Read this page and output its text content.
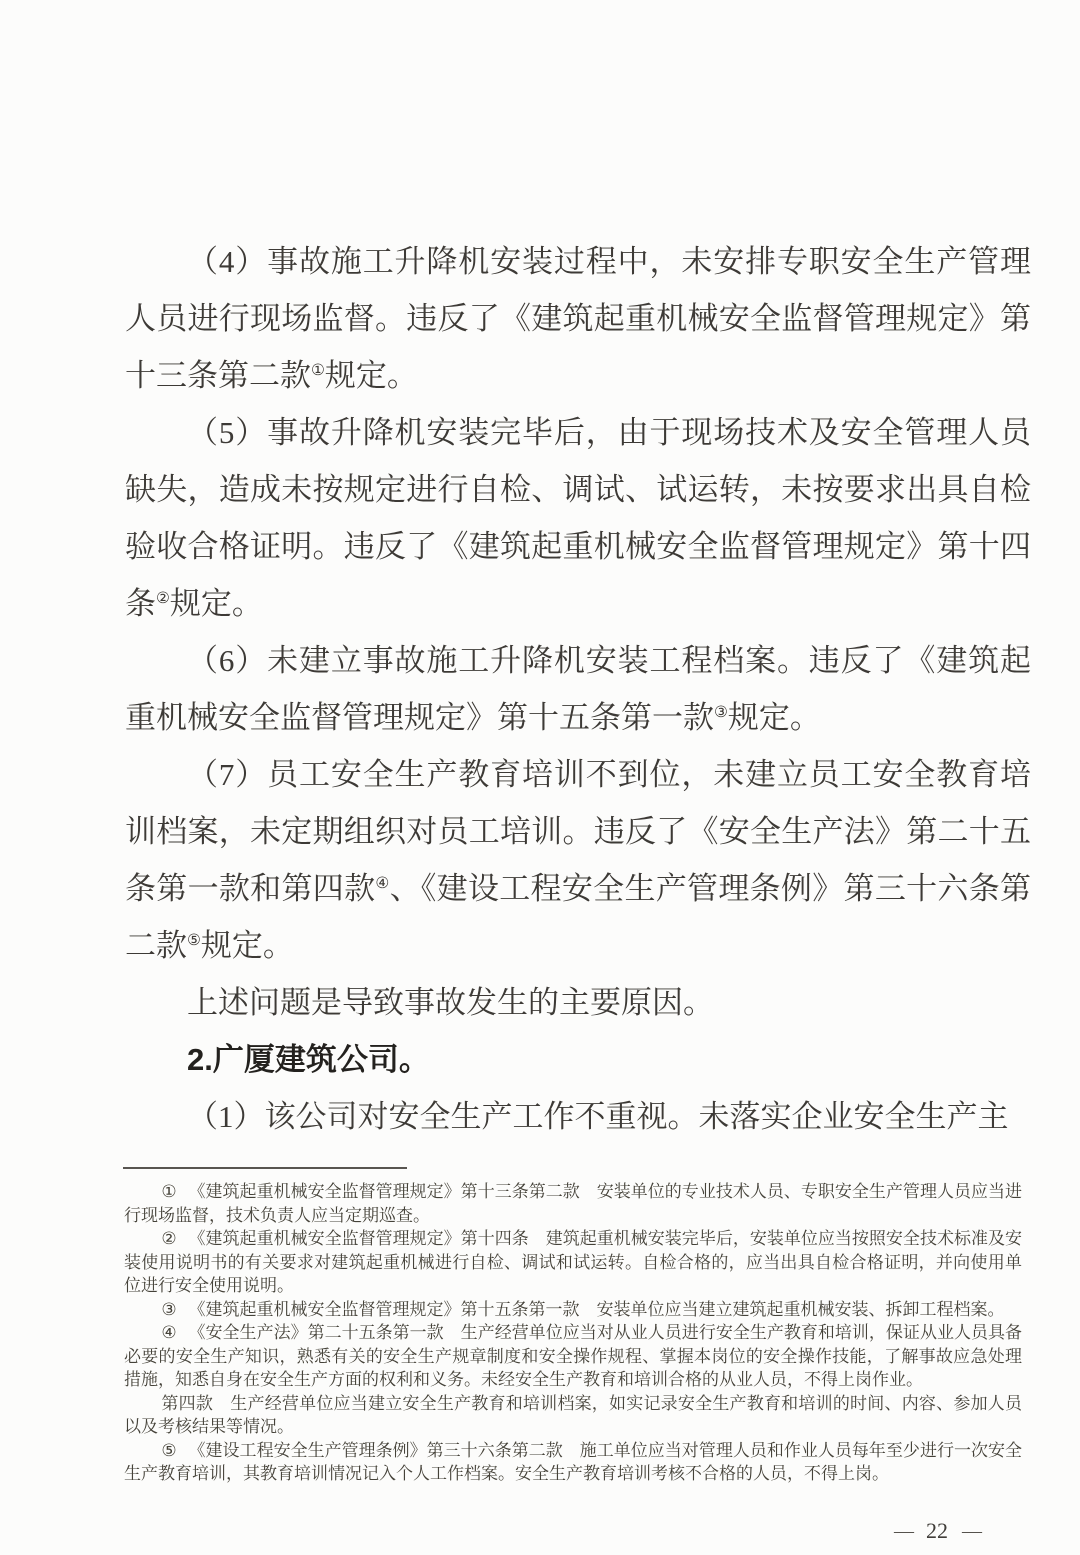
（4）事故施工升降机安装过程中，未安排专职安全生产管理人员进行现场监督。违反了《建筑起重机械安全监督管理规定》第十三条第二款①规定。

（5）事故升降机安装完毕后，由于现场技术及安全管理人员缺失，造成未按规定进行自检、调试、试运转，未按要求出具自检验收合格证明。违反了《建筑起重机械安全监督管理规定》第十四条②规定。

（6）未建立事故施工升降机安装工程档案。违反了《建筑起重机械安全监督管理规定》第十五条第一款③规定。

（7）员工安全生产教育培训不到位，未建立员工安全教育培训档案，未定期组织对员工培训。违反了《安全生产法》第二十五条第一款和第四款④、《建设工程安全生产管理条例》第三十六条第二款⑤规定。

上述问题是导致事故发生的主要原因。

2.广厦建筑公司。

（1）该公司对安全生产工作不重视。未落实企业安全生产主

① 《建筑起重机械安全监督管理规定》第十三条第二款　安装单位的专业技术人员、专职安全生产管理人员应当进行现场监督，技术负责人应当定期巡查。

② 《建筑起重机械安全监督管理规定》第十四条　建筑起重机械安装完毕后，安装单位应当按照安全技术标准及安装使用说明书的有关要求对建筑起重机械进行自检、调试和试运转。自检合格的，应当出具自检合格证明，并向使用单位进行安全使用说明。

③ 《建筑起重机械安全监督管理规定》第十五条第一款　安装单位应当建立建筑起重机械安装、拆卸工程档案。

④ 《安全生产法》第二十五条第一款　生产经营单位应当对从业人员进行安全生产教育和培训，保证从业人员具备必要的安全生产知识，熟悉有关的安全生产规章制度和安全操作规程、掌握本岗位的安全操作技能，了解事故应急处理措施，知悉自身在安全生产方面的权利和义务。未经安全生产教育和培训合格的从业人员，不得上岗作业。

第四款　生产经营单位应当建立安全生产教育和培训档案，如实记录安全生产教育和培训的时间、内容、参加人员以及考核结果等情况。

⑤ 《建设工程安全生产管理条例》第三十六条第二款　施工单位应当对管理人员和作业人员每年至少进行一次安全生产教育培训，其教育培训情况记入个人工作档案。安全生产教育培训考核不合格的人员，不得上岗。

— 22 —
